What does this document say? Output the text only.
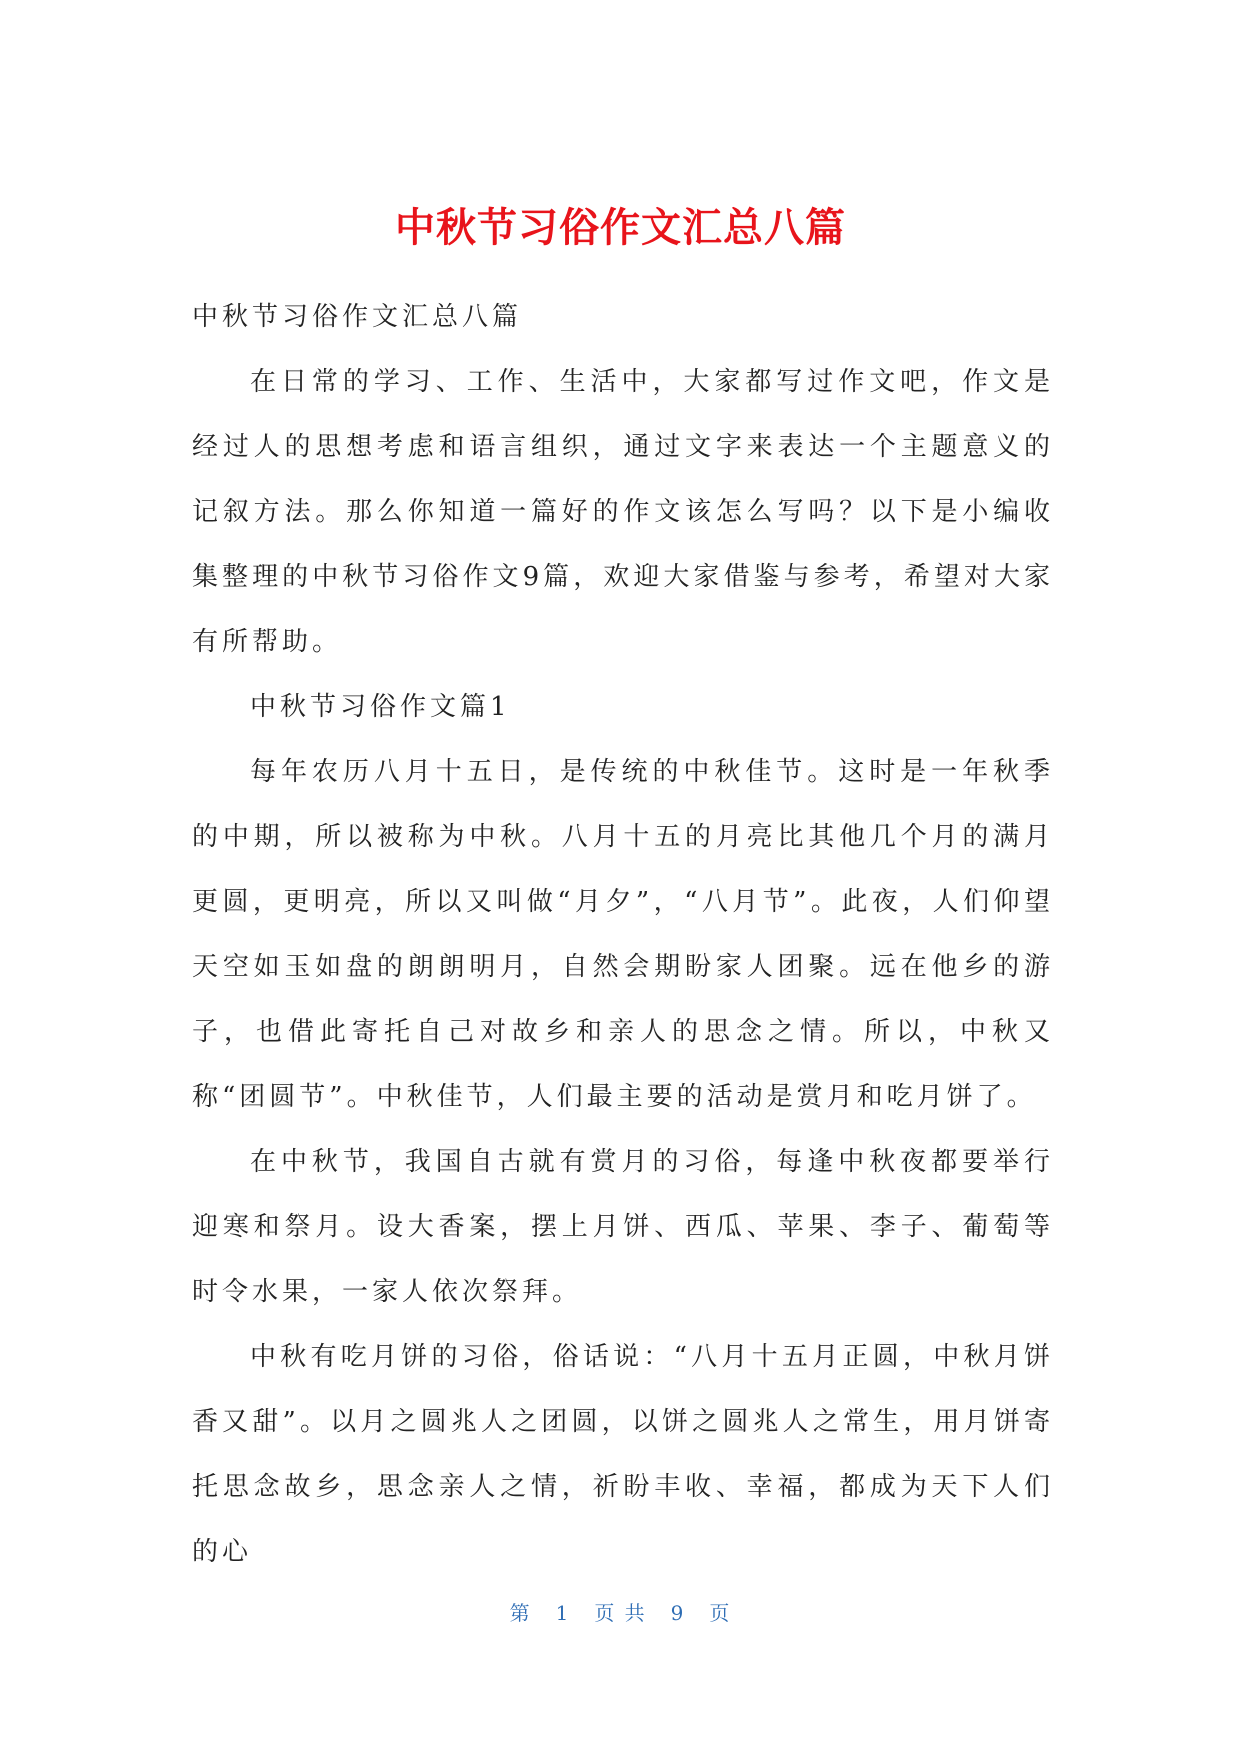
中秋节习俗作文汇总八篇

中秋节习俗作文汇总八篇

在日常的学习、工作、生活中，大家都写过作文吧，作文是经过人的思想考虑和语言组织，通过文字来表达一个主题意义的记叙方法。那么你知道一篇好的作文该怎么写吗？以下是小编收集整理的中秋节习俗作文9篇，欢迎大家借鉴与参考，希望对大家有所帮助。

中秋节习俗作文篇1

每年农历八月十五日，是传统的中秋佳节。这时是一年秋季的中期，所以被称为中秋。八月十五的月亮比其他几个月的满月更圆，更明亮，所以又叫做“月夕”，“八月节”。此夜，人们仰望天空如玉如盘的朗朗明月，自然会期盼家人团聚。远在他乡的游子，也借此寄托自己对故乡和亲人的思念之情。所以，中秋又称“团圆节”。中秋佳节，人们最主要的活动是赏月和吃月饼了。

在中秋节，我国自古就有赏月的习俗，每逢中秋夜都要举行迎寒和祭月。设大香案，摆上月饼、西瓜、苹果、李子、葡萄等时令水果，一家人依次祭拜。

中秋有吃月饼的习俗，俗话说：“八月十五月正圆，中秋月饼香又甜”。以月之圆兆人之团圆，以饼之圆兆人之常生，用月饼寄托思念故乡，思念亲人之情，祈盼丰收、幸福，都成为天下人们的心

第 1 页 共 9 页
